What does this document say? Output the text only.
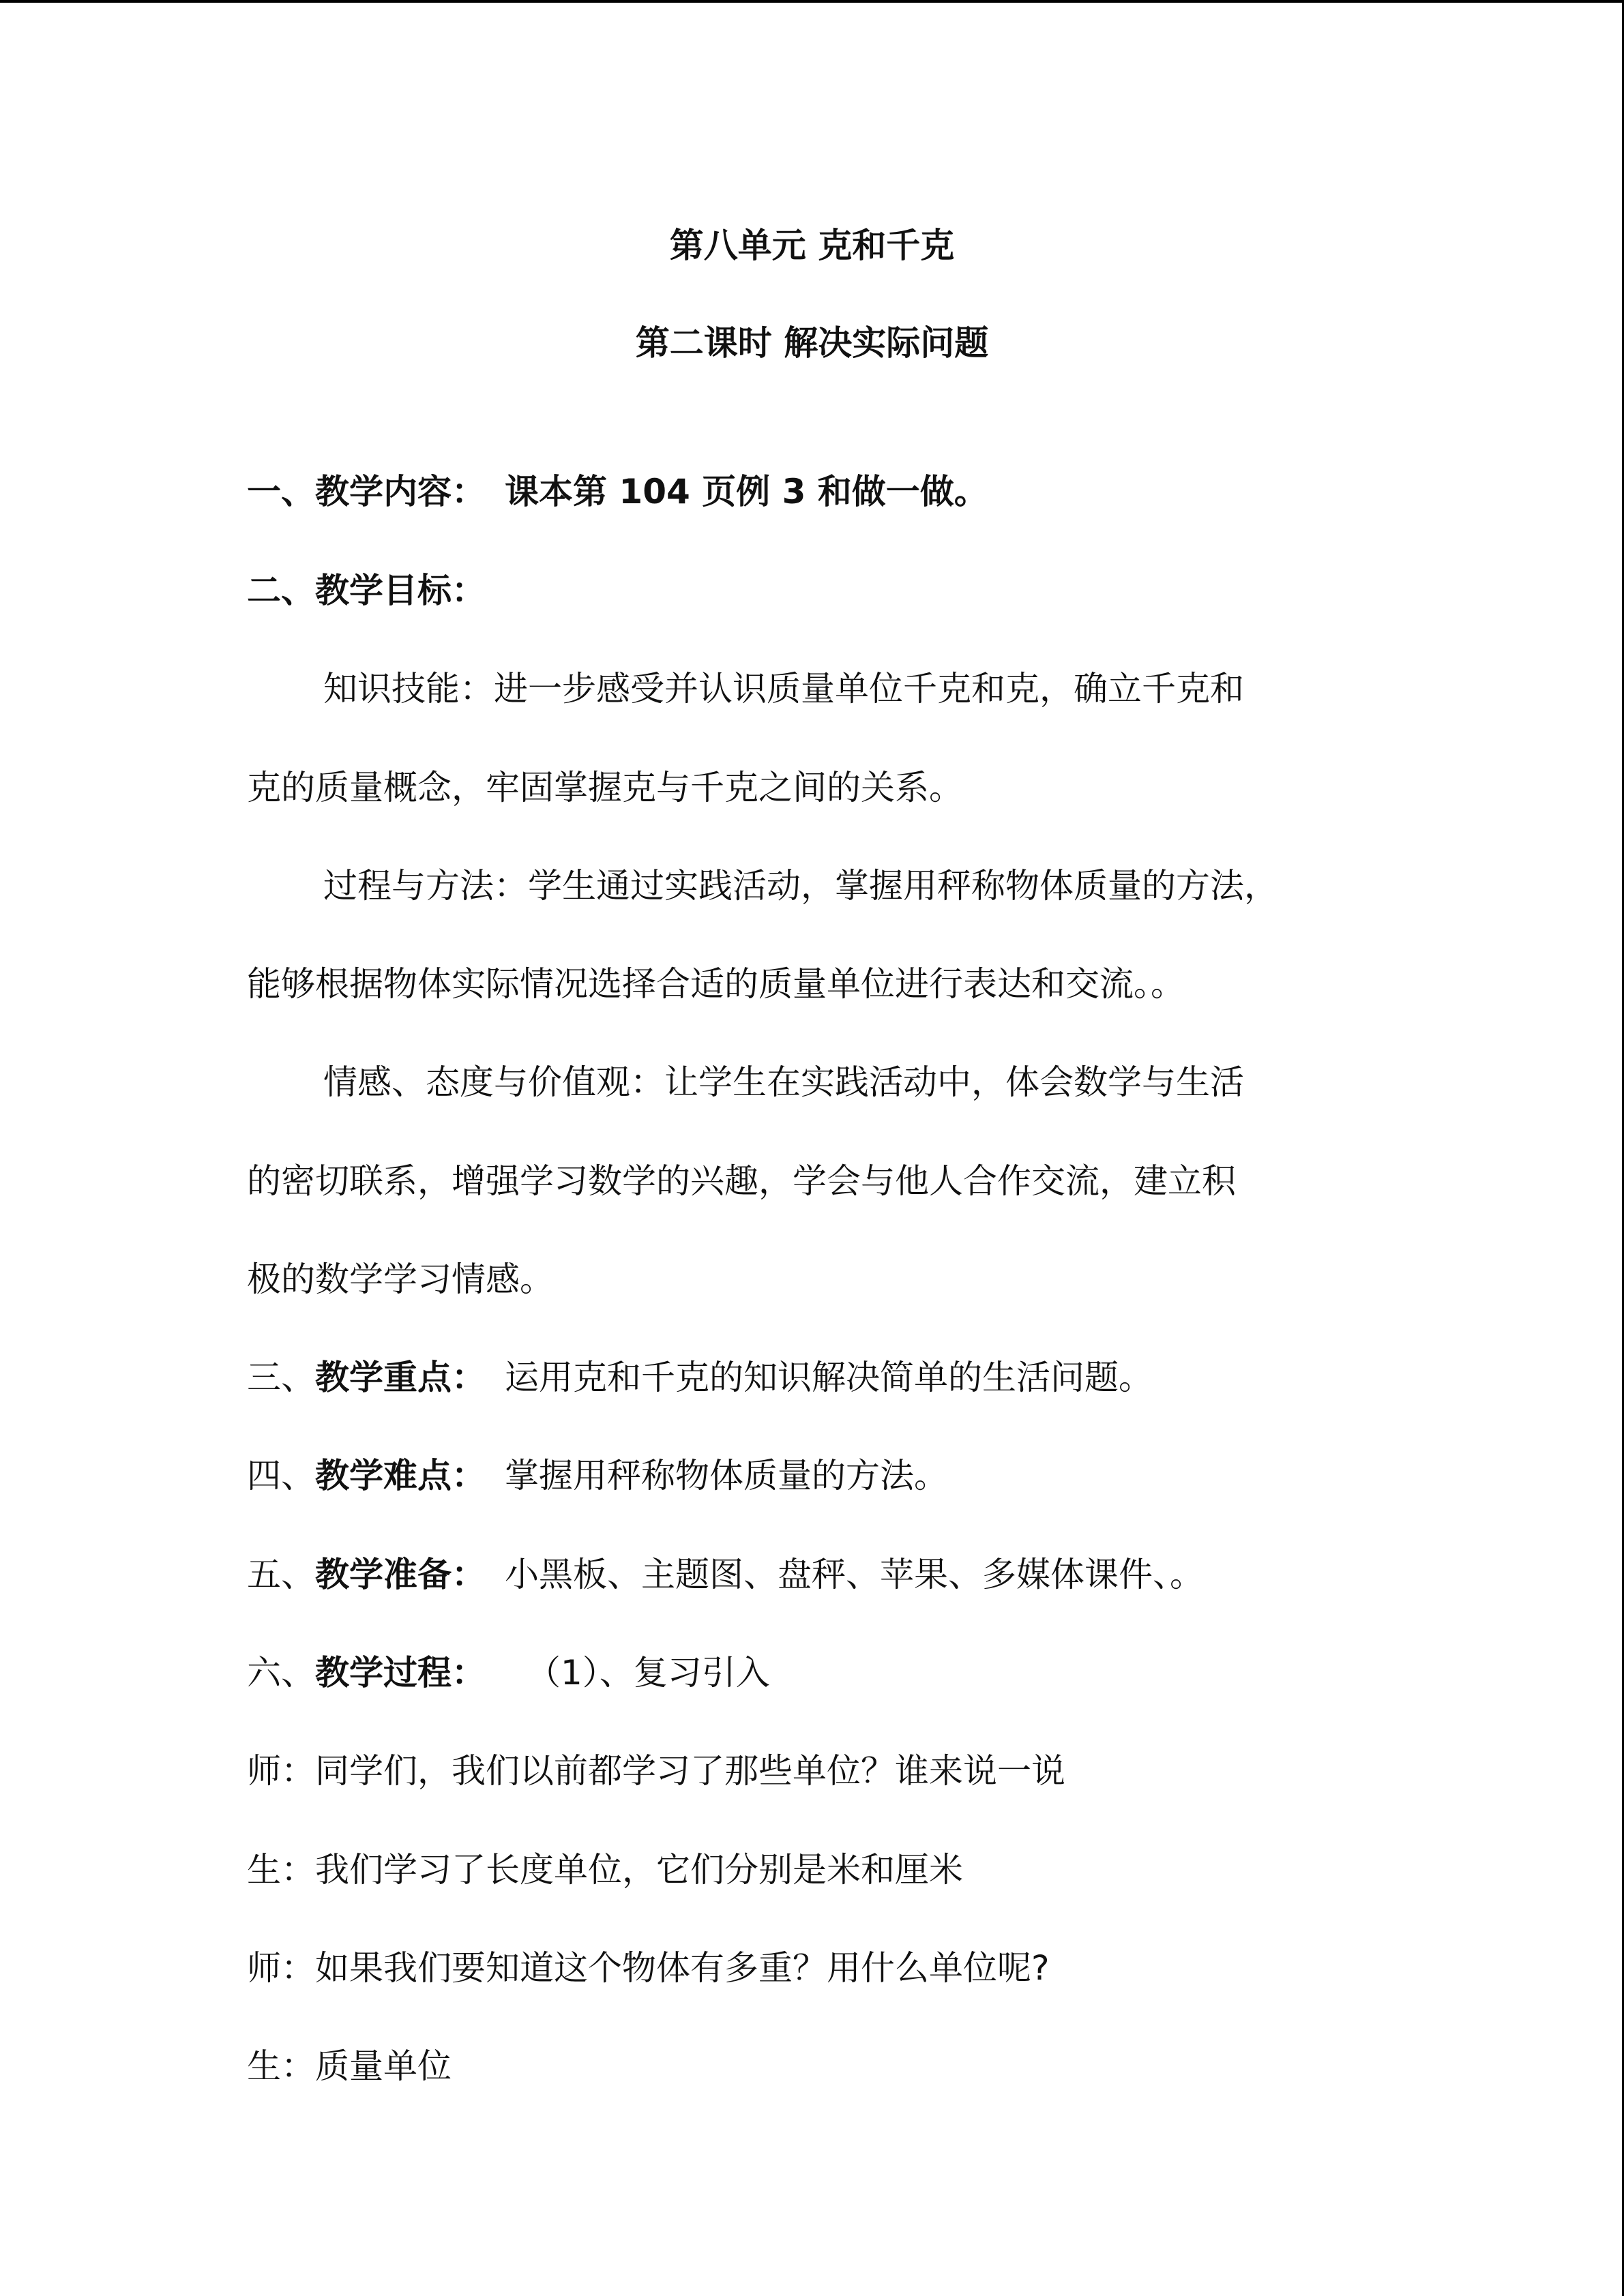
第八单元 克和千克

第二课时 解决实际问题

一、教学内容： 课本第 104 页例 3 和做一做。

二、教学目标：

知识技能：进一步感受并认识质量单位千克和克，确立千克和

克的质量概念，牢固掌握克与千克之间的关系。

过程与方法：学生通过实践活动，掌握用秤称物体质量的方法，

能够根据物体实际情况选择合适的质量单位进行表达和交流。。

情感、态度与价值观：让学生在实践活动中，体会数学与生活

的密切联系，增强学习数学的兴趣，学会与他人合作交流，建立积

极的数学学习情感。

三、教学重点： 运用克和千克的知识解决简单的生活问题。

四、教学难点： 掌握用秤称物体质量的方法。

五、教学准备： 小黑板、主题图、盘秤、苹果、多媒体课件、。

六、教学过程： （1）、复习引入

师：同学们，我们以前都学习了那些单位？谁来说一说

生：我们学习了长度单位，它们分别是米和厘米

师：如果我们要知道这个物体有多重？用什么单位呢?

生：质量单位
